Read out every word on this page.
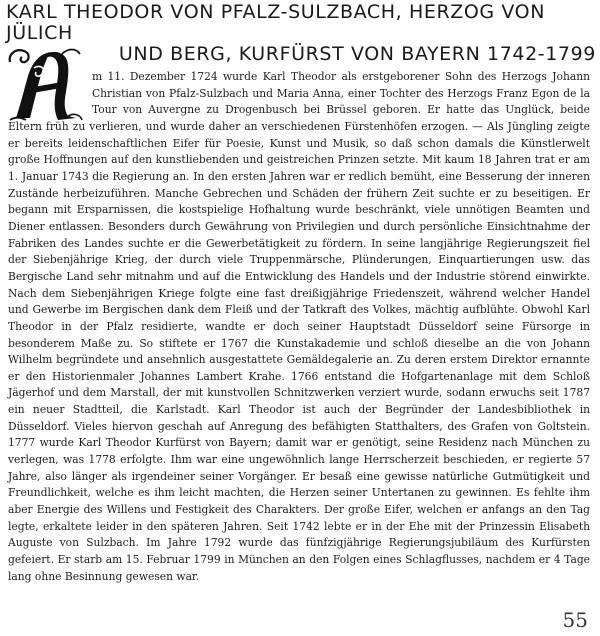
KARL THEODOR VON PFALZ-SULZBACH, HERZOG VON JÜLICH
UND BERG, KURFÜRST VON BAYERN 1742-1799

m 11. Dezember 1724 wurde Karl Theodor als erstgeborener Sohn des Herzogs Johann Christian von Pfalz-Sulzbach und Maria Anna, einer Tochter des Herzogs Franz Egon de la Tour von Auvergne zu Drogenbusch bei Brüssel geboren. Er hatte das Unglück, beide Eltern früh zu verlieren, und wurde daher an verschiedenen Fürstenhöfen erzogen. — Als Jüngling zeigte er bereits leidenschaftlichen Eifer für Poesie, Kunst und Musik, so daß schon damals die Künstlerwelt große Hoffnungen auf den kunstliebenden und geistreichen Prinzen setzte. Mit kaum 18 Jahren trat er am 1. Januar 1743 die Regierung an. In den ersten Jahren war er redlich bemüht, eine Besserung der inneren Zustände herbeizuführen. Manche Gebrechen und Schäden der frühern Zeit suchte er zu beseitigen. Er begann mit Ersparnissen, die kostspielige Hofhaltung wurde beschränkt, viele unnötigen Beamten und Diener entlassen. Besonders durch Gewährung von Privilegien und durch persönliche Einsichtnahme der Fabriken des Landes suchte er die Gewerbetätigkeit zu fördern. In seine langjährige Regierungszeit fiel der Siebenjährige Krieg, der durch viele Truppenmärsche, Plünderungen, Einquartierungen usw. das Bergische Land sehr mitnahm und auf die Entwicklung des Handels und der Industrie störend einwirkte. Nach dem Siebenjährigen Kriege folgte eine fast dreißigjährige Friedenszeit, während welcher Handel und Gewerbe im Bergischen dank dem Fleiß und der Tatkraft des Volkes, mächtig aufblühte. Obwohl Karl Theodor in der Pfalz residierte, wandte er doch seiner Hauptstadt Düsseldorf seine Fürsorge in besonderem Maße zu. So stiftete er 1767 die Kunstakademie und schloß dieselbe an die von Johann Wilhelm begründete und ansehnlich ausgestattete Gemäldegalerie an. Zu deren erstem Direktor ernannte er den Historienmaler Johannes Lambert Krahe. 1766 entstand die Hofgartenanlage mit dem Schloß Jägerhof und dem Marstall, der mit kunstvollen Schnitzwerken verziert wurde, sodann erwuchs seit 1787 ein neuer Stadtteil, die Karlstadt. Karl Theodor ist auch der Begründer der Landesbibliothek in Düsseldorf. Vieles hiervon geschah auf Anregung des befähigten Statthalters, des Grafen von Goltstein. 1777 wurde Karl Theodor Kurfürst von Bayern; damit war er genötigt, seine Residenz nach München zu verlegen, was 1778 erfolgte. Ihm war eine ungewöhnlich lange Herrscherzeit beschieden, er regierte 57 Jahre, also länger als irgendeiner seiner Vorgänger. Er besaß eine gewisse natürliche Gutmütigkeit und Freundlichkeit, welche es ihm leicht machten, die Herzen seiner Untertanen zu gewinnen. Es fehlte ihm aber Energie des Willens und Festigkeit des Charakters. Der große Eifer, welchen er anfangs an den Tag legte, erkaltete leider in den späteren Jahren. Seit 1742 lebte er in der Ehe mit der Prinzessin Elisabeth Auguste von Sulzbach. Im Jahre 1792 wurde das fünfzigjährige Regierungsjubiläum des Kurfürsten gefeiert. Er starb am 15. Februar 1799 in München an den Folgen eines Schlagflusses, nachdem er 4 Tage lang ohne Besinnung gewesen war.

55
